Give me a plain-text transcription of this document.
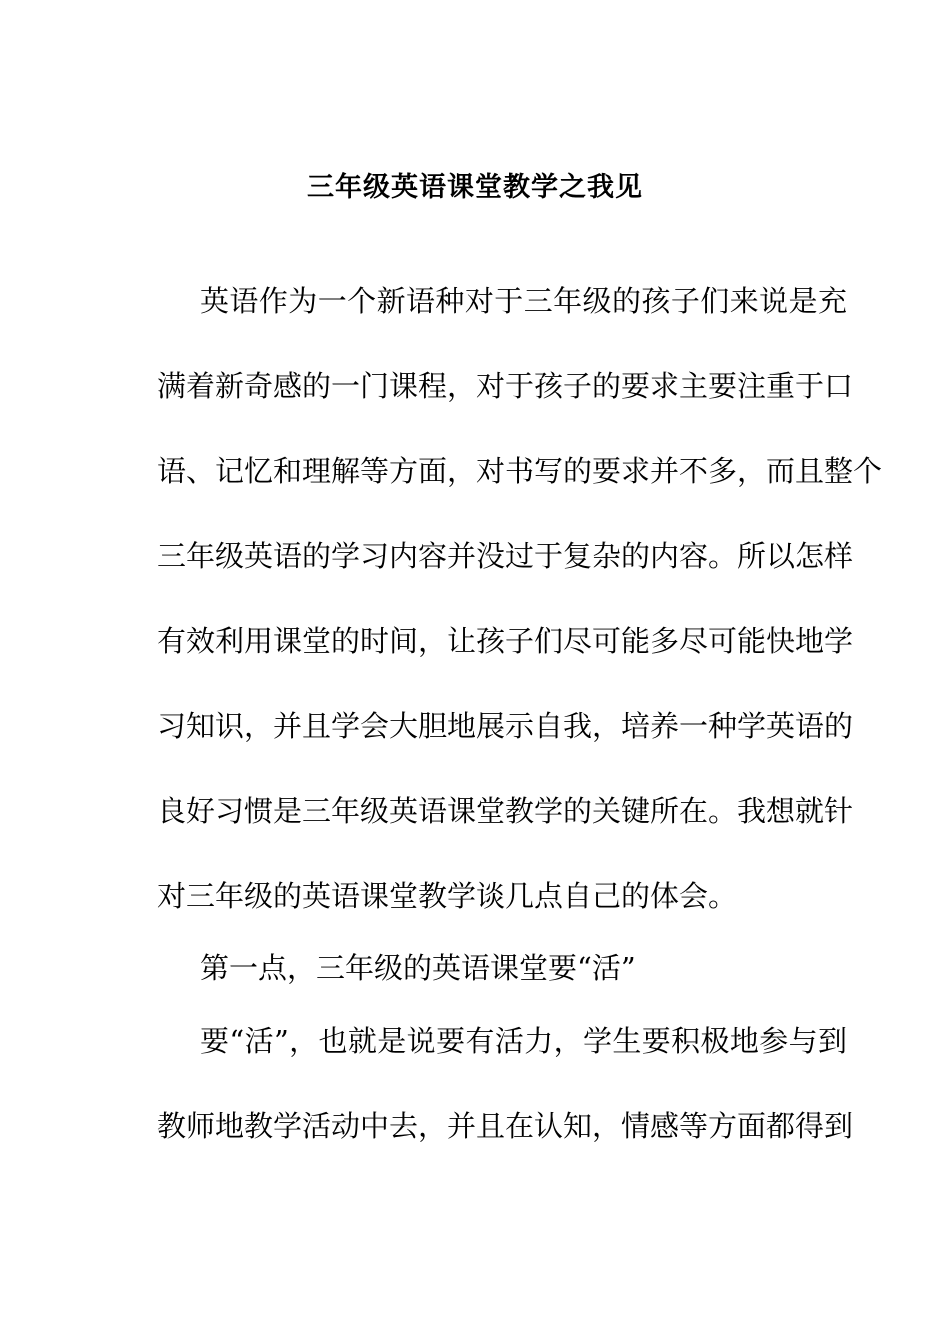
三年级英语课堂教学之我见

英语作为一个新语种对于三年级的孩子们来说是充

满着新奇感的一门课程，对于孩子的要求主要注重于口

语、记忆和理解等方面，对书写的要求并不多，而且整个

三年级英语的学习内容并没过于复杂的内容。所以怎样

有效利用课堂的时间，让孩子们尽可能多尽可能快地学

习知识，并且学会大胆地展示自我，培养一种学英语的

良好习惯是三年级英语课堂教学的关键所在。我想就针

对三年级的英语课堂教学谈几点自己的体会。

第一点，三年级的英语课堂要“活”

要“活”，也就是说要有活力，学生要积极地参与到

教师地教学活动中去，并且在认知，情感等方面都得到
